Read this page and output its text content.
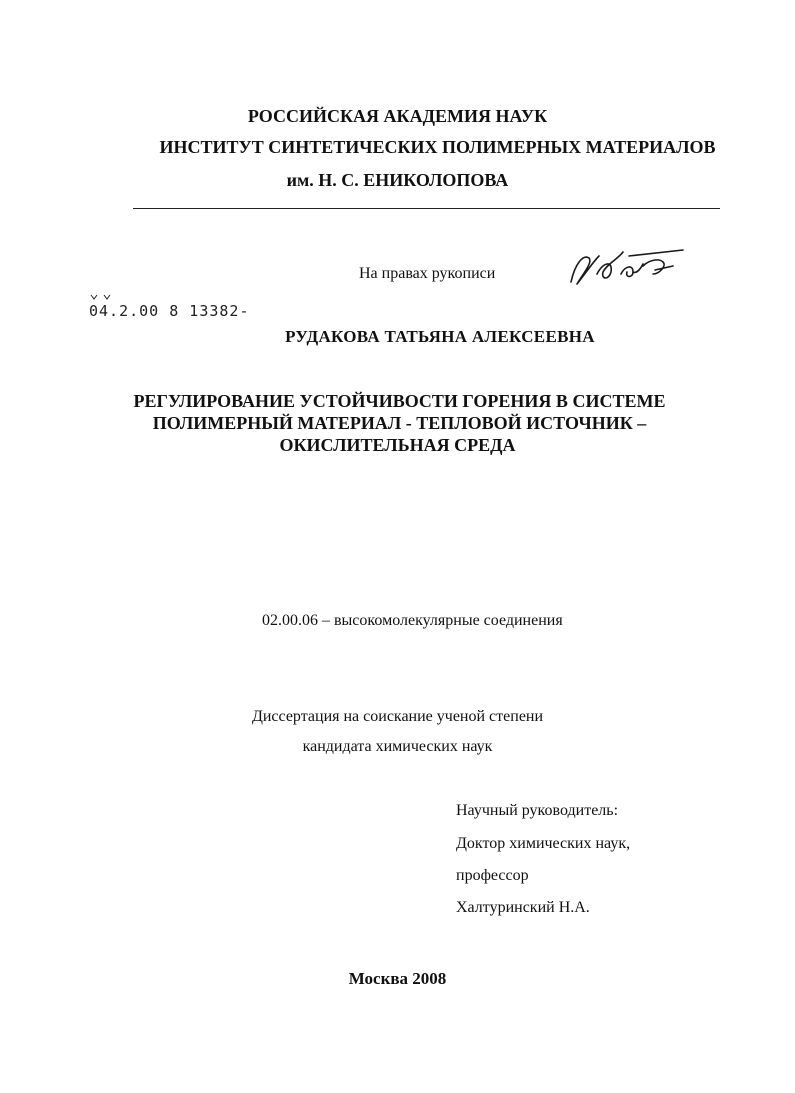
РОССИЙСКАЯ АКАДЕМИЯ НАУК
ИНСТИТУТ СИНТЕТИЧЕСКИХ ПОЛИМЕРНЫХ МАТЕРИАЛОВ
им. Н. С. ЕНИКОЛОПОВА
На правах рукописи
04.2.00 8 13382-
РУДАКОВА ТАТЬЯНА АЛЕКСЕЕВНА
РЕГУЛИРОВАНИЕ УСТОЙЧИВОСТИ ГОРЕНИЯ В СИСТЕМЕ
ПОЛИМЕРНЫЙ МАТЕРИАЛ - ТЕПЛОВОЙ ИСТОЧНИК –
ОКИСЛИТЕЛЬНАЯ СРЕДА
02.00.06 – высокомолекулярные соединения
Диссертация на соискание ученой степени
кандидата химических наук
Научный руководитель:
Доктор химических наук,
профессор
Халтуринский Н.А.
Москва 2008
